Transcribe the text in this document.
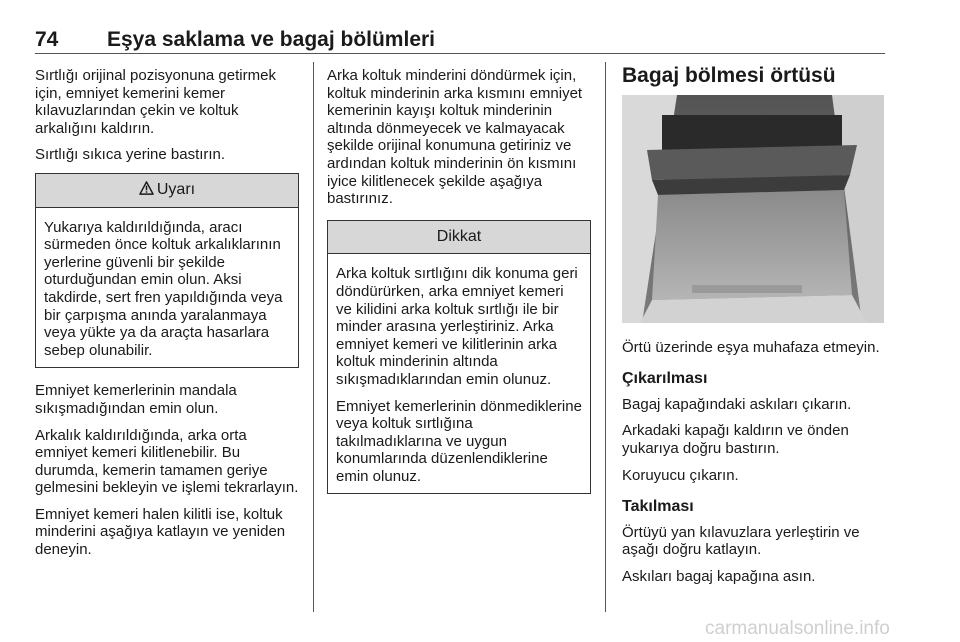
74 Eşya saklama ve bagaj bölümleri

Sırtlığı orijinal pozisyonuna getirmek için, emniyet kemerini kemer kılavuzlarından çekin ve koltuk arkalığını kaldırın.

Sırtlığı sıkıca yerine bastırın.

Uyarı

Yukarıya kaldırıldığında, aracı sürmeden önce koltuk arkalıklarının yerlerine güvenli bir şekilde oturduğundan emin olun. Aksi takdirde, sert fren yapıldığında veya bir çarpışma anında yaralanmaya veya yükte ya da araçta hasarlara sebep olunabilir.

Emniyet kemerlerinin mandala sıkışmadığından emin olun.

Arkalık kaldırıldığında, arka orta emniyet kemeri kilitlenebilir. Bu durumda, kemerin tamamen geriye gelmesini bekleyin ve işlemi tekrarlayın.

Emniyet kemeri halen kilitli ise, koltuk minderini aşağıya katlayın ve yeniden deneyin.

Arka koltuk minderini döndürmek için, koltuk minderinin arka kısmını emniyet kemerinin kayışı koltuk minderinin altında dönmeyecek ve kalmayacak şekilde orijinal konumuna getiriniz ve ardından koltuk minderinin ön kısmını iyice kilitlenecek şekilde aşağıya bastırınız.

Dikkat

Arka koltuk sırtlığını dik konuma geri döndürürken, arka emniyet kemeri ve kilidini arka koltuk sırtlığı ile bir minder arasına yerleştiriniz. Arka emniyet kemeri ve kilitlerinin arka koltuk minderinin altında sıkışmadıklarından emin olunuz.

Emniyet kemerlerinin dönmediklerine veya koltuk sırtlığına takılmadıklarına ve uygun konumlarında düzenlendiklerine emin olunuz.

Bagaj bölmesi örtüsü

Örtü üzerinde eşya muhafaza etmeyin.

Çıkarılması

Bagaj kapağındaki askıları çıkarın.

Arkadaki kapağı kaldırın ve önden yukarıya doğru bastırın.

Koruyucu çıkarın.

Takılması

Örtüyü yan kılavuzlara yerleştirin ve aşağı doğru katlayın.

Askıları bagaj kapağına asın.

carmanualsonline.info
